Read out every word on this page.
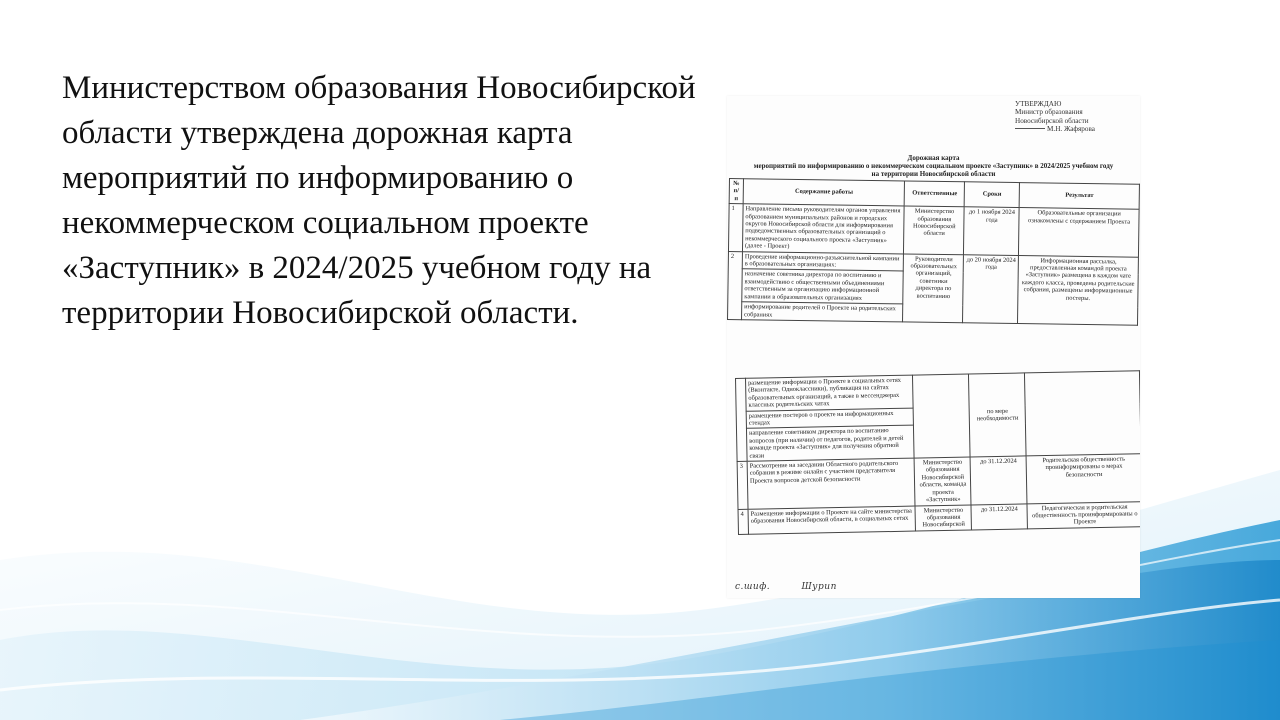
Министерством образования Новосибирской области утверждена дорожная карта мероприятий по информированию о некоммерческом социальном проекте «Заступник» в 2024/2025 учебном году на территории Новосибирской области.
УТВЕРЖДАЮ
Министр образования
Новосибирской области
М.Н. Жафярова
Дорожная карта
мероприятий по информированию о некоммерческом социальном проекте «Заступник» в 2024/2025 учебном году
на территории Новосибирской области
№ п/п	Содержание работы	Ответственные	Сроки	Результат
1	Направление письма руководителям органов управления образованием муниципальных районов и городских округов Новосибирской области для информирования подведомственных образовательных организаций о некоммерческого социального проекта «Заступник» (далее - Проект)	Министерство образования Новосибирской области	до 1 ноября 2024 года	Образовательные организации ознакомлены с содержанием Проекта
2	Проведение информационно-разъяснительной кампании в образовательных организациях:	Руководители образовательных организаций, советники директора по воспитанию	до 20 ноября 2024 года	Информационная рассылка, предоставленная командой проекта «Заступник» размещена в каждом чате каждого класса, проведены родительские собрания, размещены информационные постеры.
	назначение советника директора по воспитанию и взаимодействию с общественными объединениями ответственным за организацию информационной кампании в образовательных организациях			
	информирование родителей о Проекте на родительских собраниях			
	размещение информации о Проекте в социальных сетях (Вконтакте, Одноклассники), публикация на сайтах образовательных организаций, а также в мессенджерах классных родительских чатах		по мере необходимости	
	размещение постеров о проекте на информационных стендах			
	направление советником директора по воспитанию вопросов (при наличии) от педагогов, родителей и детей команде проекта «Заступник» для получения обратной связи			
3	Рассмотрение на заседании Областного родительского собрания в режиме онлайн с участием представителя Проекта вопросов детской безопасности	Министерство образования Новосибирской области, команда проекта «Заступник»	до 31.12.2024	Родительская общественность проинформированы о мерах безопасности
4	Размещение информации о Проекте на сайте министерства образования Новосибирской области, в социальных сетях	Министерство образования Новосибирской	до 31.12.2024	Педагогическая и родительская общественность проинформированы о Проекте
с.шиф.	Шурип
